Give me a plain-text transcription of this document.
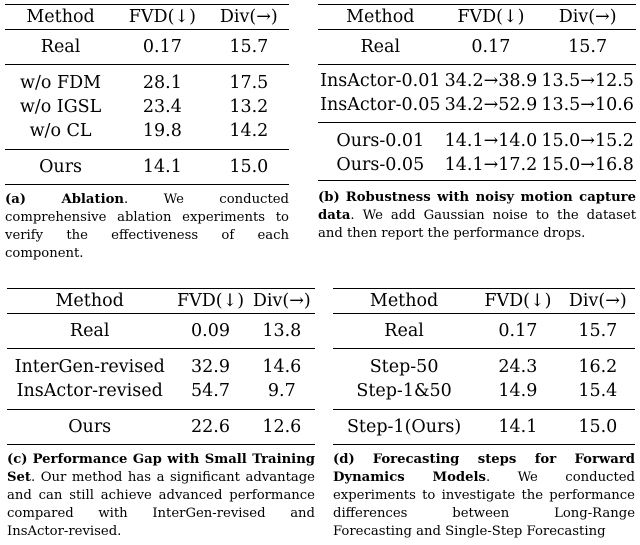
Method	FVD(↓)	Div(→)
Real	0.17	15.7
w/o FDM	28.1	17.5
w/o IGSL	23.4	13.2
w/o CL	19.8	14.2
Ours	14.1	15.0
(a)	Ablation. We conducted comprehensive ablation experiments to verify the effectiveness of each component.
Method	FVD(↓)	Div(→)
Real	0.17	15.7
InsActor-0.01	34.2→38.9	13.5→12.5
InsActor-0.05	34.2→52.9	13.5→10.6
Ours-0.01	14.1→14.0	15.0→15.2
Ours-0.05	14.1→17.2	15.0→16.8
(b) Robustness with noisy motion capture data. We add Gaussian noise to the dataset and then report the performance drops.
Method	FVD(↓)	Div(→)
Real	0.09	13.8
InterGen-revised	32.9	14.6
InsActor-revised	54.7	9.7
Ours	22.6	12.6
(c) Performance Gap with Small Training Set. Our method has a significant advantage and can still achieve advanced performance compared with InterGen-revised and InsActor-revised.
Method	FVD(↓)	Div(→)
Real	0.17	15.7
Step-50	24.3	16.2
Step-1&50	14.9	15.4
Step-1(Ours)	14.1	15.0
(d) Forecasting steps for Forward Dynamics Models. We conducted experiments to investigate the performance differences between Long-Range Forecasting and Single-Step Forecasting
